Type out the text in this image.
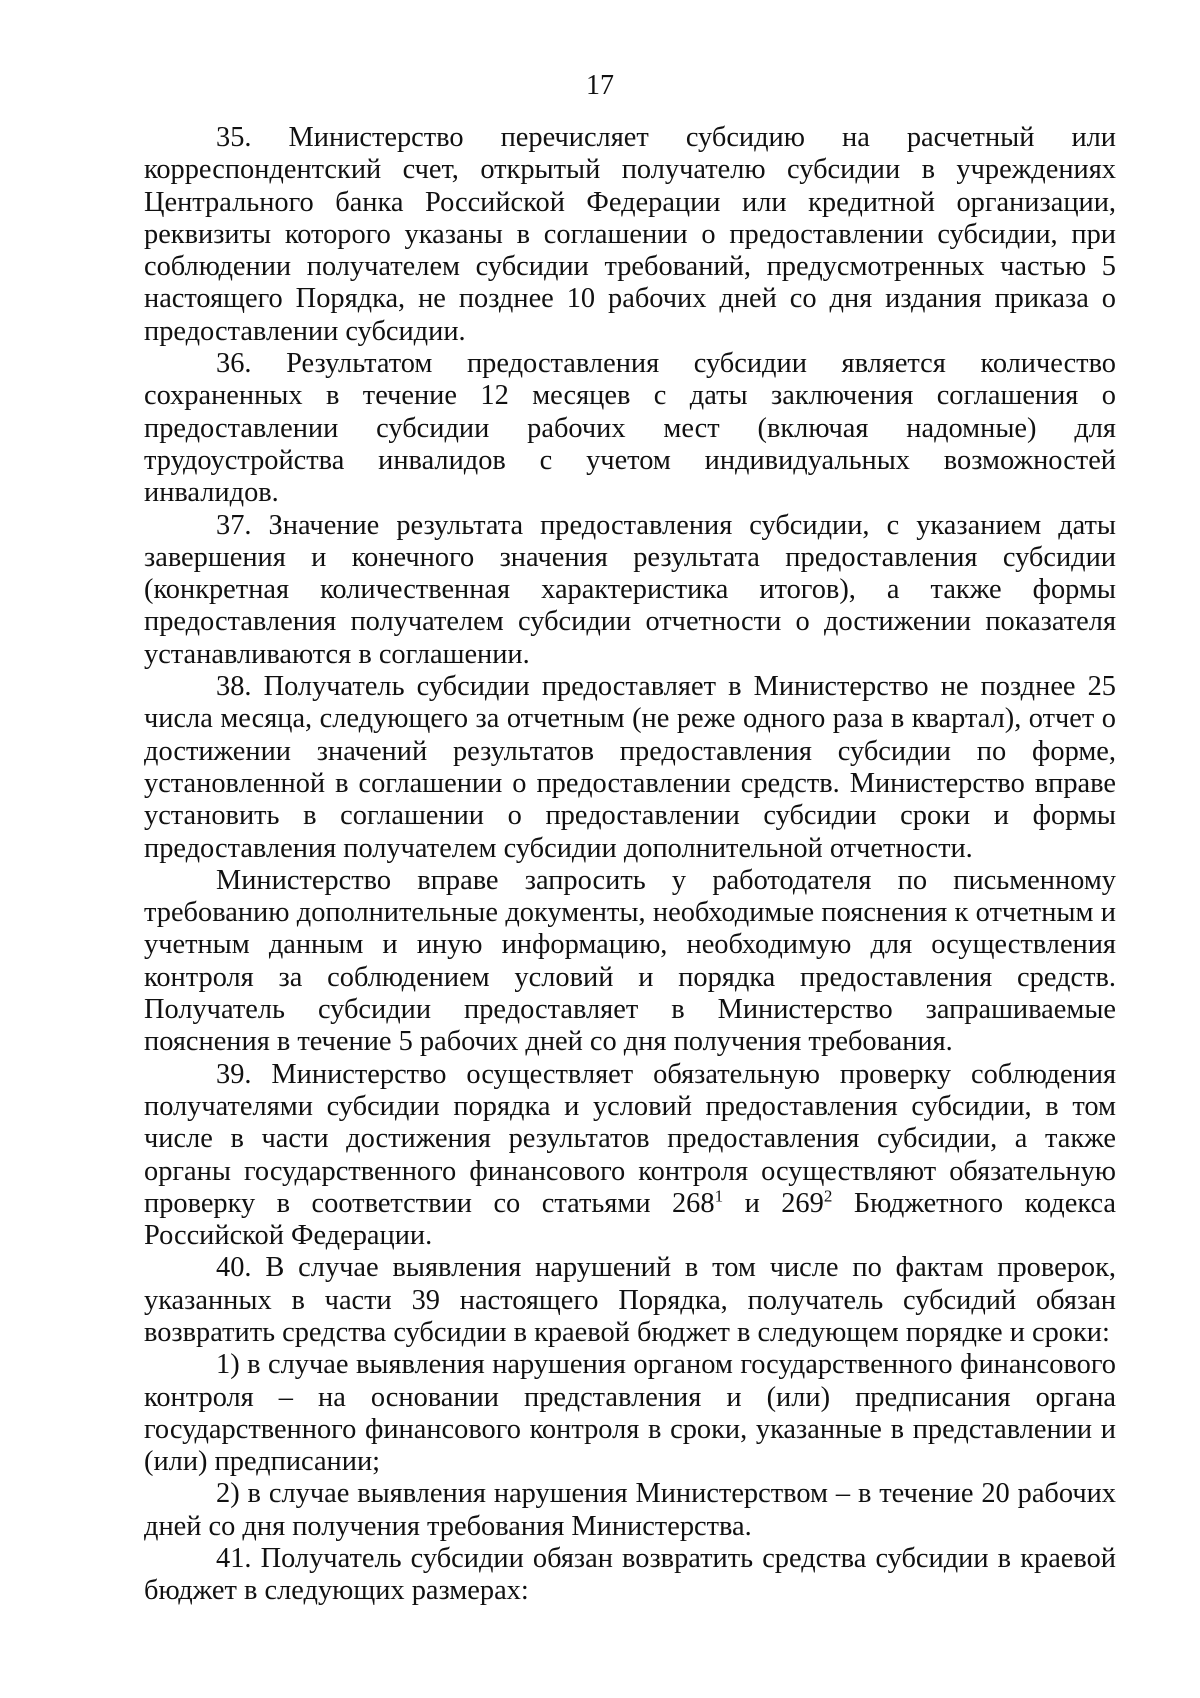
17

35. Министерство перечисляет субсидию на расчетный или корреспондентский счет, открытый получателю субсидии в учреждениях Центрального банка Российской Федерации или кредитной организации, реквизиты которого указаны в соглашении о предоставлении субсидии, при соблюдении получателем субсидии требований, предусмотренных частью 5 настоящего Порядка, не позднее 10 рабочих дней со дня издания приказа о предоставлении субсидии.

36. Результатом предоставления субсидии является количество сохраненных в течение 12 месяцев с даты заключения соглашения о предоставлении субсидии рабочих мест (включая надомные) для трудоустройства инвалидов с учетом индивидуальных возможностей инвалидов.

37. Значение результата предоставления субсидии, с указанием даты завершения и конечного значения результата предоставления субсидии (конкретная количественная характеристика итогов), а также формы предоставления получателем субсидии отчетности о достижении показателя устанавливаются в соглашении.

38. Получатель субсидии предоставляет в Министерство не позднее 25 числа месяца, следующего за отчетным (не реже одного раза в квартал), отчет о достижении значений результатов предоставления субсидии по форме, установленной в соглашении о предоставлении средств. Министерство вправе установить в соглашении о предоставлении субсидии сроки и формы предоставления получателем субсидии дополнительной отчетности.

Министерство вправе запросить у работодателя по письменному требованию дополнительные документы, необходимые пояснения к отчетным и учетным данным и иную информацию, необходимую для осуществления контроля за соблюдением условий и порядка предоставления средств. Получатель субсидии предоставляет в Министерство запрашиваемые пояснения в течение 5 рабочих дней со дня получения требования.

39. Министерство осуществляет обязательную проверку соблюдения получателями субсидии порядка и условий предоставления субсидии, в том числе в части достижения результатов предоставления субсидии, а также органы государственного финансового контроля осуществляют обязательную проверку в соответствии со статьями $268^1$ и $269^2$ Бюджетного кодекса Российской Федерации.

40. В случае выявления нарушений в том числе по фактам проверок, указанных в части 39 настоящего Порядка, получатель субсидий обязан возвратить средства субсидии в краевой бюджет в следующем порядке и сроки:

1) в случае выявления нарушения органом государственного финансового контроля – на основании представления и (или) предписания органа государственного финансового контроля в сроки, указанные в представлении и (или) предписании;

2) в случае выявления нарушения Министерством – в течение 20 рабочих дней со дня получения требования Министерства.

41. Получатель субсидии обязан возвратить средства субсидии в краевой бюджет в следующих размерах:
